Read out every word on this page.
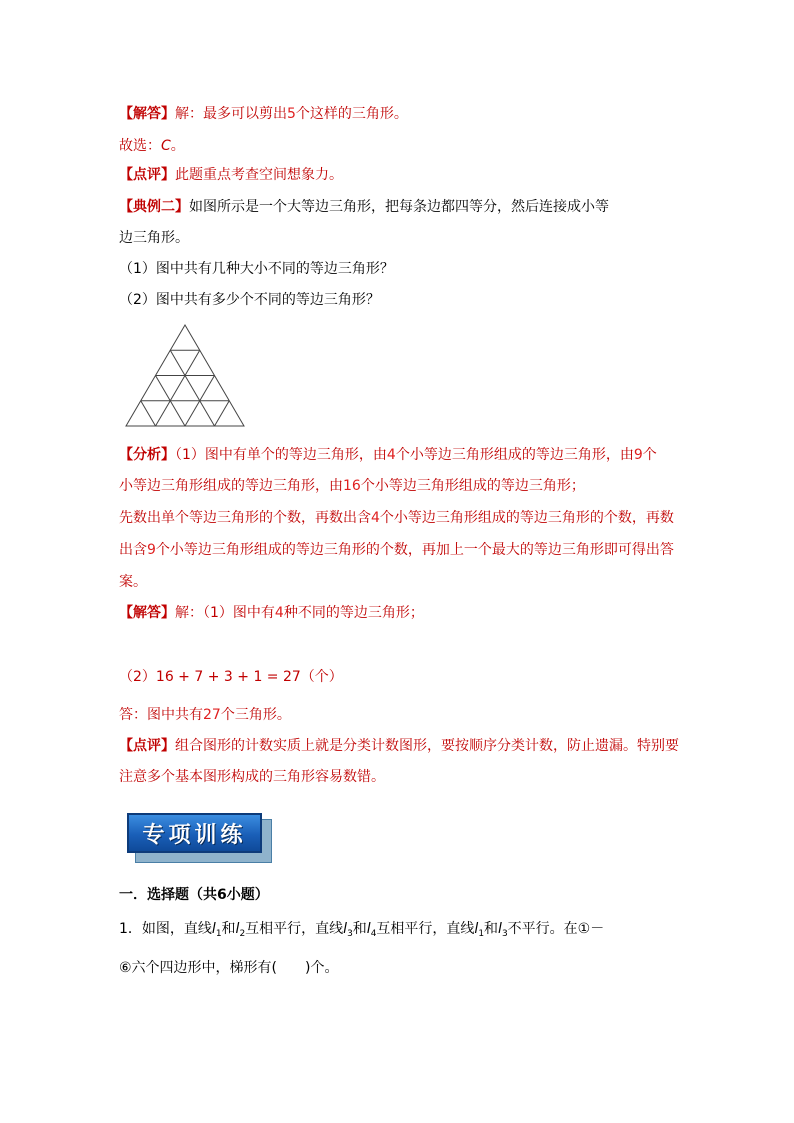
【解答】解：最多可以剪出5个这样的三角形。
故选：C。
【点评】此题重点考查空间想象力。
【典例二】如图所示是一个大等边三角形，把每条边都四等分，然后连接成小等
边三角形。
（1）图中共有几种大小不同的等边三角形？
（2）图中共有多少个不同的等边三角形？
【分析】（1）图中有单个的等边三角形，由4个小等边三角形组成的等边三角形，由9个
小等边三角形组成的等边三角形，由16个小等边三角形组成的等边三角形；
先数出单个等边三角形的个数，再数出含4个小等边三角形组成的等边三角形的个数，再数
出含9个小等边三角形组成的等边三角形的个数，再加上一个最大的等边三角形即可得出答
案。
【解答】解：（1）图中有4种不同的等边三角形；
（2）16 + 7 + 3 + 1 = 27（个）
答：图中共有27个三角形。
【点评】组合图形的计数实质上就是分类计数图形，要按顺序分类计数，防止遗漏。特别要
注意多个基本图形构成的三角形容易数错。
专项训练
一．选择题（共6小题）
1．如图，直线$l_1$和$l_2$互相平行，直线$l_3$和$l_4$互相平行，直线$l_1$和$l_3$不平行。在①－
⑥六个四边形中，梯形有(　　)个。
